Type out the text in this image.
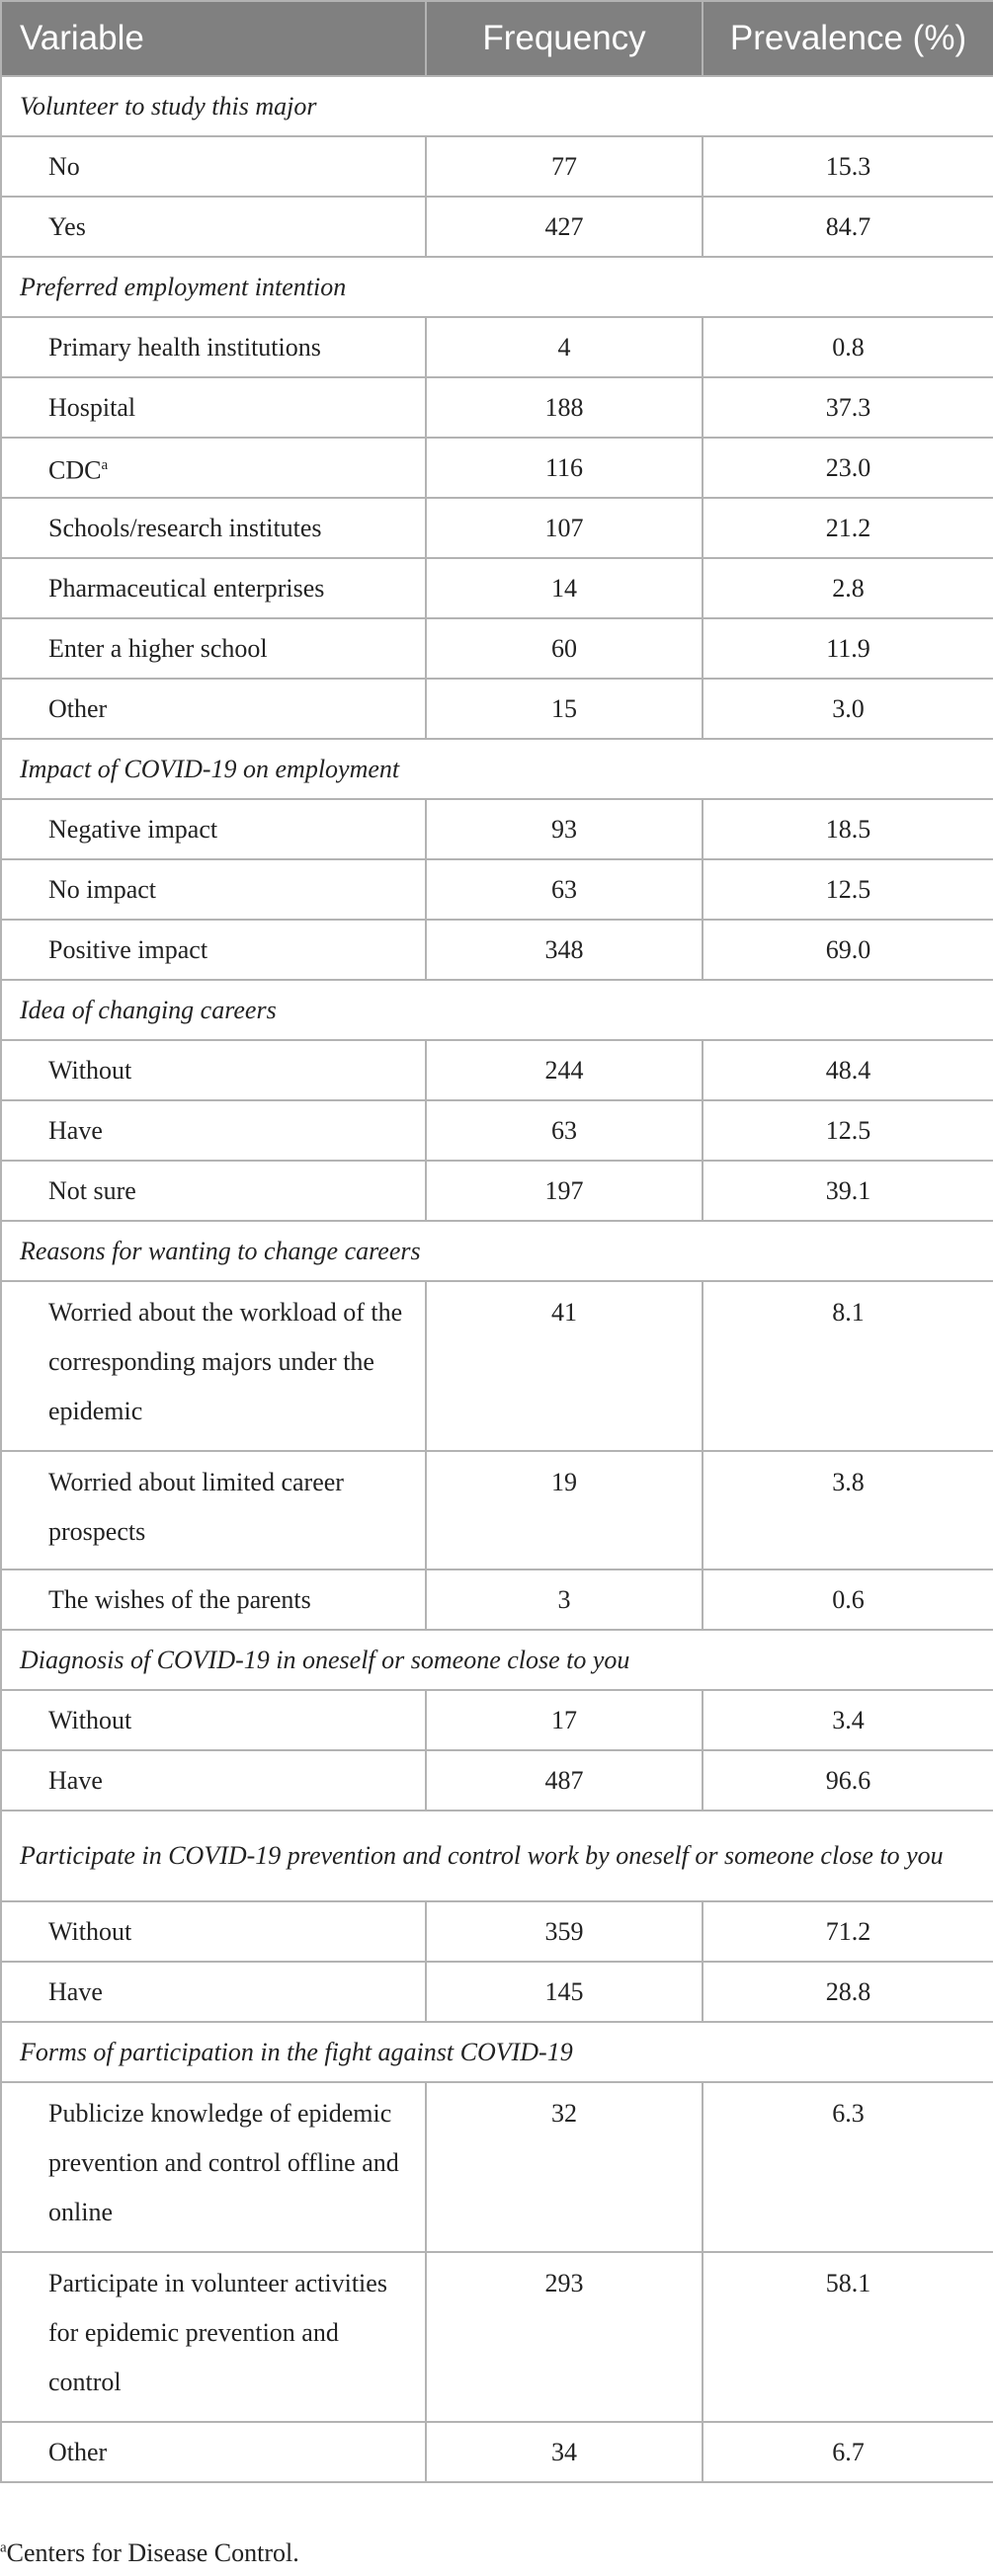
Variable	Frequency	Prevalence (%)
Volunteer to study this major		
No	77	15.3
Yes	427	84.7
Preferred employment intention		
Primary health institutions	4	0.8
Hospital	188	37.3
CDC$^a$	116	23.0
Schools/research institutes	107	21.2
Pharmaceutical enterprises	14	2.8
Enter a higher school	60	11.9
Other	15	3.0
Impact of COVID-19 on employment		
Negative impact	93	18.5
No impact	63	12.5
Positive impact	348	69.0
Idea of changing careers		
Without	244	48.4
Have	63	12.5
Not sure	197	39.1
Reasons for wanting to change careers		
Worried about the workload of the corresponding majors under the epidemic	41	8.1
Worried about limited career prospects	19	3.8
The wishes of the parents	3	0.6
Diagnosis of COVID-19 in oneself or someone close to you		
Without	17	3.4
Have	487	96.6
Participate in COVID-19 prevention and control work by oneself or someone close to you		
Without	359	71.2
Have	145	28.8
Forms of participation in the fight against COVID-19		
Publicize knowledge of epidemic prevention and control offline and online	32	6.3
Participate in volunteer activities for epidemic prevention and control	293	58.1
Other	34	6.7
$^a$Centers for Disease Control.
